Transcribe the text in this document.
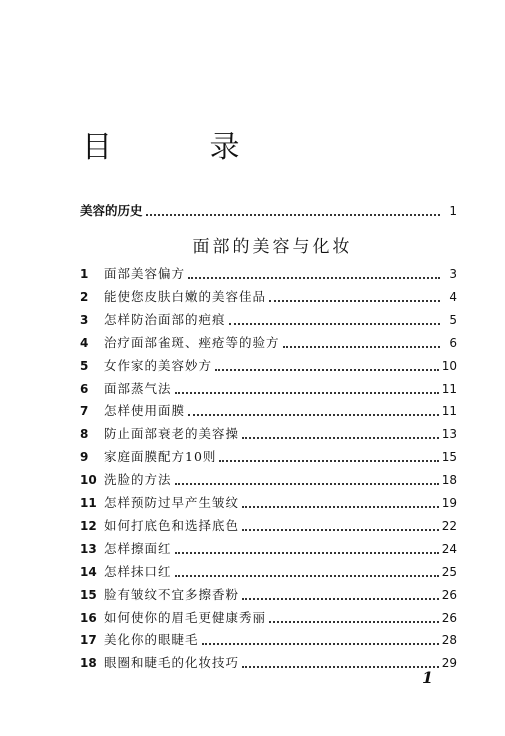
目 录
美容的历史	1
面部的美容与化妆
1	面部美容偏方	3
2	能使您皮肤白嫩的美容佳品	4
3	怎样防治面部的疤痕	5
4	治疗面部雀斑、痤疮等的验方	6
5	女作家的美容妙方	10
6	面部蒸气法	11
7	怎样使用面膜	11
8	防止面部衰老的美容操	13
9	家庭面膜配方10则	15
10 洗脸的方法	18
11 怎样预防过早产生皱纹	19
12 如何打底色和选择底色	22
13 怎样擦面红	24
14 怎样抹口红	25
15 脸有皱纹不宜多擦香粉	26
16 如何使你的眉毛更健康秀丽	26
17 美化你的眼睫毛	28
18 眼圈和睫毛的化妆技巧	29
1
